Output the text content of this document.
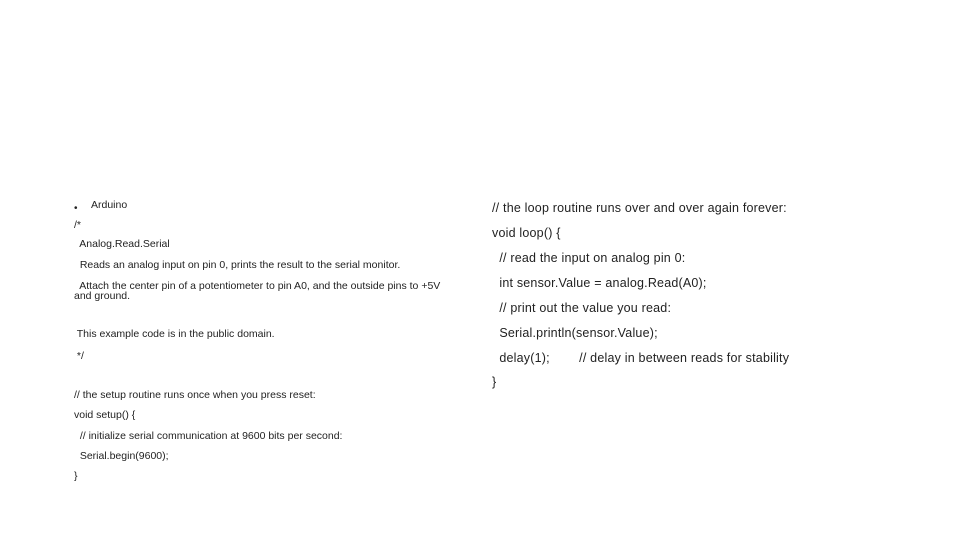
• Arduino
/*
Analog.Read.Serial
Reads an analog input on pin 0, prints the result to the serial monitor.
Attach the center pin of a potentiometer to pin A0, and the outside pins to +5V
and ground.
This example code is in the public domain.
*/
// the setup routine runs once when you press reset:
void setup() {
// initialize serial communication at 9600 bits per second:
Serial.begin(9600);
}
// the loop routine runs over and over again forever:
void loop() {
// read the input on analog pin 0:
int sensor.Value = analog.Read(A0);
// print out the value you read:
Serial.println(sensor.Value);
delay(1);        // delay in between reads for stability
}
